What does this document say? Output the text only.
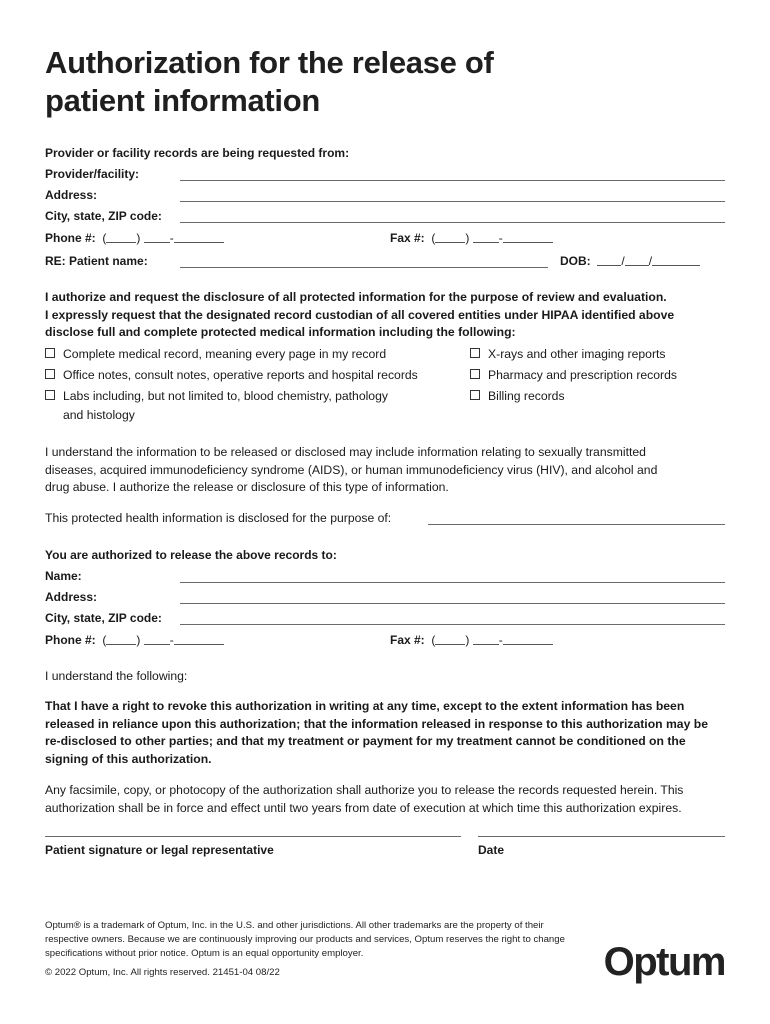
Authorization for the release of
patient information
Provider or facility records are being requested from:
Provider/facility:
Address:
City, state, ZIP code:
Phone #:  (	) -	Fax #:  (	) -
RE: Patient name:	DOB:	/ /
I authorize and request the disclosure of all protected information for the purpose of review and evaluation.
I expressly request that the designated record custodian of all covered entities under HIPAA identified above
disclose full and complete protected medical information including the following:
Complete medical record, meaning every page in my record
Office notes, consult notes, operative reports and hospital records
Labs including, but not limited to, blood chemistry, pathology
and histology
X-rays and other imaging reports
Pharmacy and prescription records
Billing records
I understand the information to be released or disclosed may include information relating to sexually transmitted
diseases, acquired immunodeficiency syndrome (AIDS), or human immunodeficiency virus (HIV), and alcohol and
drug abuse. I authorize the release or disclosure of this type of information.
This protected health information is disclosed for the purpose of:
You are authorized to release the above records to:
Name:
Address:
City, state, ZIP code:
Phone #:  (	) -	Fax #:  (	) -
I understand the following:
That I have a right to revoke this authorization in writing at any time, except to the extent information has been
released in reliance upon this authorization; that the information released in response to this authorization may be
re-disclosed to other parties; and that my treatment or payment for my treatment cannot be conditioned on the
signing of this authorization.
Any facsimile, copy, or photocopy of the authorization shall authorize you to release the records requested herein. This
authorization shall be in force and effect until two years from date of execution at which time this authorization expires.
Patient signature or legal representative	Date
Optum® is a trademark of Optum, Inc. in the U.S. and other jurisdictions. All other trademarks are the property of their
respective owners. Because we are continuously improving our products and services, Optum reserves the right to change
specifications without prior notice. Optum is an equal opportunity employer.
© 2022 Optum, Inc. All rights reserved. 21451-04 08/22	Optum
